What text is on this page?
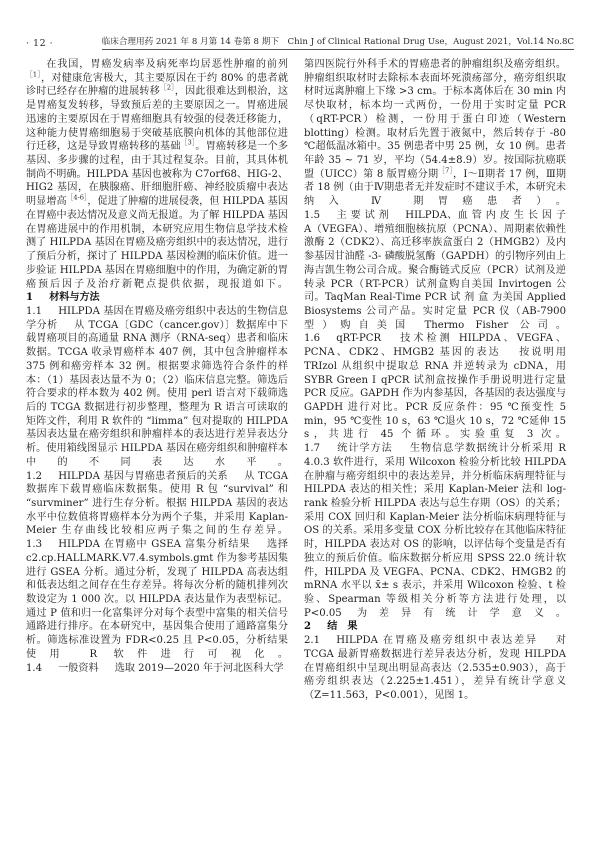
· 12 ·	临床合理用药 2021 年 8 月第 14 卷第 8 期下　Chin J of Clinical Rational Drug Use，August 2021，Vol.14 No.8C

在我国，胃癌发病率及病死率均居恶性肿瘤的前列$^{[1]}$，对健康危害极大，其主要原因在于约 80% 的患者就诊时已经存在肿瘤的进展转移$^{[2]}$，因此很难达到根治，这是胃癌复发转移，导致预后差的主要原因之一。胃癌进展迅速的主要原因在于胃癌细胞具有较强的侵袭迁移能力，这种能力使胃癌细胞易于突破基底膜向机体的其他部位进行迁移，这是导致胃癌转移的基础$^{[3]}$。胃癌转移是一个多基因、多步骤的过程，由于其过程复杂。目前，其具体机制尚不明确。HILPDA 基因也被称为 C7orf68、HIG-2、HIG2 基因，在胰腺癌、肝细胞肝癌、神经胶质瘤中表达明显增高$^{[4-6]}$，促进了肿瘤的进展侵袭，但 HILPDA 基因在胃癌中表达情况及意义尚无报道。为了解 HILPDA 基因在胃癌进展中的作用机制，本研究应用生物信息学技术检测了 HILPDA 基因在胃癌及癌旁组织中的表达情况，进行了预后分析，探讨了 HILPDA 基因检测的临床价值。进一步验证 HILPDA 基因在胃癌细胞中的作用，为确定新的胃癌预后因子及治疗新靶点提供依据，现报道如下。

1 材料与方法

1.1 HILPDA 基因在胃癌及癌旁组织中表达的生物信息学分析 从 TCGA〔GDC（cancer.gov）〕数据库中下载胃癌项目的高通量 RNA 测序（RNA-seq）患者和临床数据。TCGA 收录胃癌样本 407 例，其中包含肿瘤样本 375 例和癌旁样本 32 例。根据要求筛选符合条件的样本：（1）基因表达量不为 0；（2）临床信息完整。筛选后符合要求的样本数为 402 例。使用 perl 语言对下载筛选后的 TCGA 数据进行初步整理，整理为 R 语言可读取的矩阵文件，利用 R 软件的 “limma” 包对提取的 HILPDA 基因表达量在癌旁组织和肿瘤样本的表达进行差异表达分析。使用箱线图显示 HILPDA 基因在癌旁组织和肿瘤样本中的不同表达水平。

1.2 HILPDA 基因与胃癌患者预后的关系 从 TCGA 数据库下载胃癌临床数据集。使用 R 包 “survival” 和 “survminer” 进行生存分析。根据 HILPDA 基因的表达水平中位数值将胃癌样本分为两个子集，并采用 Kaplan-Meier 生存曲线比较相应两子集之间的生存差异。

1.3 HILPDA 在胃癌中 GSEA 富集分析结果 选择 c2.cp.HALLMARK.V7.4.symbols.gmt 作为参考基因集进行 GSEA 分析。通过分析，发现了 HILPDA 高表达组和低表达组之间存在生存差异。将每次分析的随机排列次数设定为 1 000 次。以 HILPDA 表达量作为表型标记。通过 P 值和归一化富集评分对每个表型中富集的相关信号通路进行排序。在本研究中，基因集合使用了通路富集分析。筛选标准设置为 FDR<0.25 且 P<0.05，分析结果使用 R 软件进行可视化。

1.4 一般资料 选取 2019—2020 年于河北医科大学

第四医院行外科手术的胃癌患者的肿瘤组织及癌旁组织。肿瘤组织取材时去除标本表面坏死溃疡部分，癌旁组织取材时远离肿瘤上下缘 >3 cm。于标本离体后在 30 min 内尽快取材，标本均一式两份，一份用于实时定量 PCR（qRT-PCR）检测，一份用于蛋白印迹（Western blotting）检测。取材后先置于液氮中，然后转存于 -80 ℃超低温冰箱中。35 例患者中男 25 例，女 10 例。患者年龄 35 ~ 71 岁，平均（54.4±8.9）岁。按国际抗癌联盟（UICC）第 8 版胃癌分期$^{[7]}$，Ⅰ～Ⅱ期者 17 例，Ⅲ期者 18 例（由于Ⅳ期患者无并发症时不建议手术，本研究未纳入 Ⅳ 期胃癌患者）。

1.5 主 要 试 剂 HILPDA、血 管 内 皮 生 长 因 子 A（VEGFA）、增殖细胞核抗原（PCNA）、周期素依赖性激酶 2（CDK2）、高迁移率族盒蛋白 2（HMGB2）及内参基因甘油醛 -3- 磷酸脱氢酶（GAPDH）的引物序列由上海吉凯生物公司合成。聚合酶链式反应（PCR）试剂及逆转录 PCR（RT-PCR）试剂盒购自美国 Invirtogen 公司。TaqMan Real-Time PCR 试 剂 盒 为美国 Applied Biosystems 公司产品。实时定量 PCR 仪（AB-7900 型）购自美国 Thermo Fisher 公司。

1.6 qRT-PCR 技术检测 HILPDA、VEGFA、PCNA、CDK2、HMGB2 基因的表达 按说明用 TRIzol 从组织中提取总 RNA 并逆转录为 cDNA，用 SYBR Green Ⅰ qPCR 试剂盒按操作手册说明进行定量 PCR 反应。GAPDH 作为内参基因，各基因的表达强度与 GAPDH 进行对比。PCR 反应条件：95 ℃预变性 5 min，95 ℃变性 10 s，63 ℃退火 10 s，72 ℃延伸 15 s，共进行 45 个循环。实验重复 3 次。

1.7 统计学方法 生物信息学数据统计分析采用 R 4.0.3 软件进行，采用 Wilcoxon 检验分析比较 HILPDA 在肿瘤与癌旁组织中的表达差异，并分析临床病理特征与 HILPDA 表达的相关性；采用 Kaplan-Meier 法和 log-rank 检验分析 HILPDA 表达与总生存期（OS）的关系；采用 COX 回归和 Kaplan-Meier 法分析临床病理特征与 OS 的关系。采用多变量 COX 分析比较存在其他临床特征时，HILPDA 表达对 OS 的影响，以评估每个变量是否有独立的预后价值。临床数据分析应用 SPSS 22.0 统计软件，HILPDA 及 VEGFA、PCNA、CDK2、HMGB2 的 mRNA 水平以 x̄± s 表示，并采用 Wilcoxon 检验、t 检验、Spearman 等级相关分析等方法进行处理，以 P<0.05 为差异有统计学意义。

2 结　果

2.1 HILPDA 在胃癌及癌旁组织中表达差异 对 TCGA 最新胃癌数据进行差异表达分析，发现 HILPDA 在胃癌组织中呈现出明显高表达（2.535±0.903），高于癌旁组织表达（2.225±1.451），差异有统计学意义（Z=11.563，P<0.001），见图 1。
